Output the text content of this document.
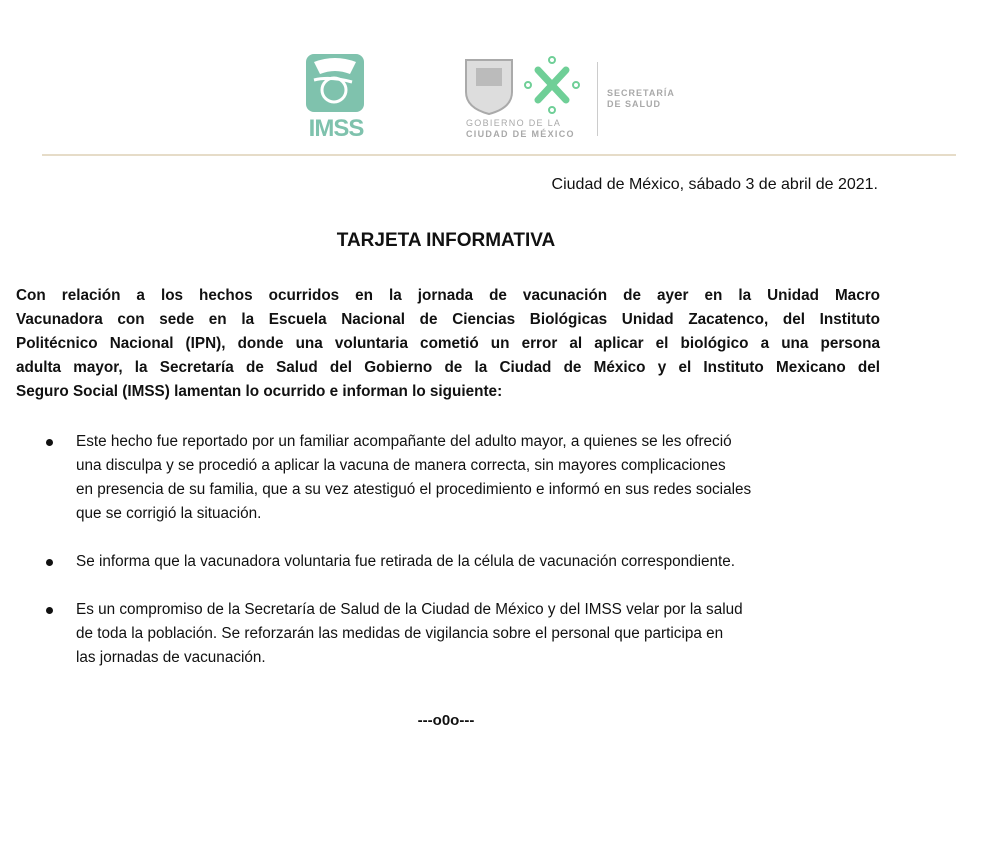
IMSS	GOBIERNO DE LA
CIUDAD DE MÉXICO
SECRETARÍA
DE SALUD
Ciudad de México, sábado 3 de abril de 2021.
TARJETA INFORMATIVA
Con relación a los hechos ocurridos en la jornada de vacunación de ayer en la Unidad Macro
Vacunadora con sede en la Escuela Nacional de Ciencias Biológicas Unidad Zacatenco, del Instituto
Politécnico Nacional (IPN), donde una voluntaria cometió un error al aplicar el biológico a una persona
adulta mayor, la Secretaría de Salud del Gobierno de la Ciudad de México y el Instituto Mexicano del
Seguro Social (IMSS) lamentan lo ocurrido e informan lo siguiente:
Este hecho fue reportado por un familiar acompañante del adulto mayor, a quienes se les ofreció
una disculpa y se procedió a aplicar la vacuna de manera correcta, sin mayores complicaciones
en presencia de su familia, que a su vez atestiguó el procedimiento e informó en sus redes sociales
que se corrigió la situación.
Se informa que la vacunadora voluntaria fue retirada de la célula de vacunación correspondiente.
Es un compromiso de la Secretaría de Salud de la Ciudad de México y del IMSS velar por la salud
de toda la población. Se reforzarán las medidas de vigilancia sobre el personal que participa en
las jornadas de vacunación.
---o0o---
